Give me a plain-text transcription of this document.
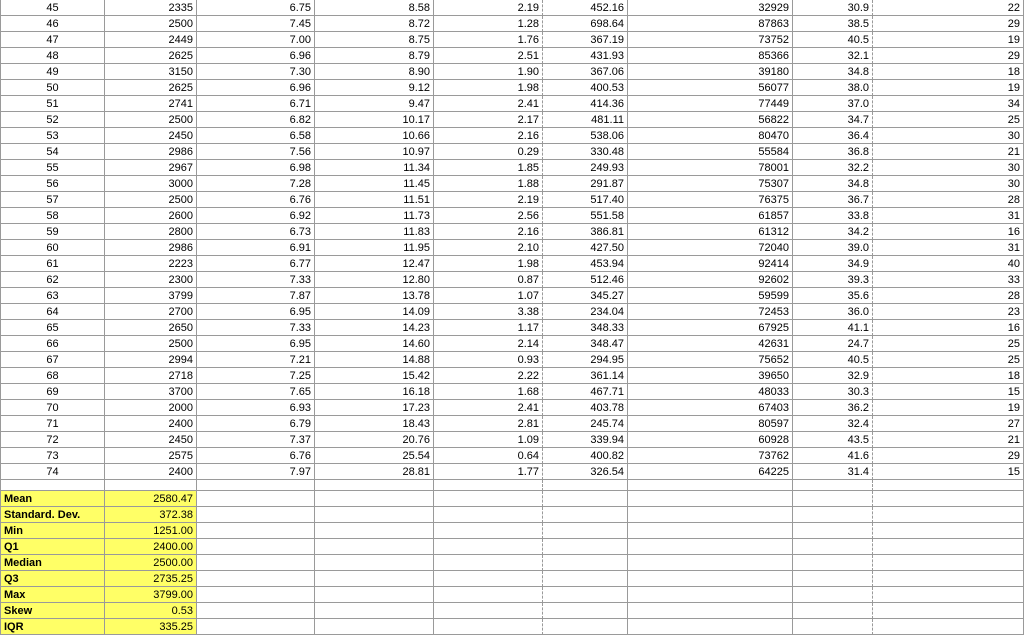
45	2335	6.75	8.58	2.19	452.16	32929	30.9	22
46	2500	7.45	8.72	1.28	698.64	87863	38.5	29
47	2449	7.00	8.75	1.76	367.19	73752	40.5	19
48	2625	6.96	8.79	2.51	431.93	85366	32.1	29
49	3150	7.30	8.90	1.90	367.06	39180	34.8	18
50	2625	6.96	9.12	1.98	400.53	56077	38.0	19
51	2741	6.71	9.47	2.41	414.36	77449	37.0	34
52	2500	6.82	10.17	2.17	481.11	56822	34.7	25
53	2450	6.58	10.66	2.16	538.06	80470	36.4	30
54	2986	7.56	10.97	0.29	330.48	55584	36.8	21
55	2967	6.98	11.34	1.85	249.93	78001	32.2	30
56	3000	7.28	11.45	1.88	291.87	75307	34.8	30
57	2500	6.76	11.51	2.19	517.40	76375	36.7	28
58	2600	6.92	11.73	2.56	551.58	61857	33.8	31
59	2800	6.73	11.83	2.16	386.81	61312	34.2	16
60	2986	6.91	11.95	2.10	427.50	72040	39.0	31
61	2223	6.77	12.47	1.98	453.94	92414	34.9	40
62	2300	7.33	12.80	0.87	512.46	92602	39.3	33
63	3799	7.87	13.78	1.07	345.27	59599	35.6	28
64	2700	6.95	14.09	3.38	234.04	72453	36.0	23
65	2650	7.33	14.23	1.17	348.33	67925	41.1	16
66	2500	6.95	14.60	2.14	348.47	42631	24.7	25
67	2994	7.21	14.88	0.93	294.95	75652	40.5	25
68	2718	7.25	15.42	2.22	361.14	39650	32.9	18
69	3700	7.65	16.18	1.68	467.71	48033	30.3	15
70	2000	6.93	17.23	2.41	403.78	67403	36.2	19
71	2400	6.79	18.43	2.81	245.74	80597	32.4	27
72	2450	7.37	20.76	1.09	339.94	60928	43.5	21
73	2575	6.76	25.54	0.64	400.82	73762	41.6	29
74	2400	7.97	28.81	1.77	326.54	64225	31.4	15
Mean	2580.47
Standard. Dev.	372.38
Min	1251.00
Q1	2400.00
Median	2500.00
Q3	2735.25
Max	3799.00
Skew	0.53
IQR	335.25
